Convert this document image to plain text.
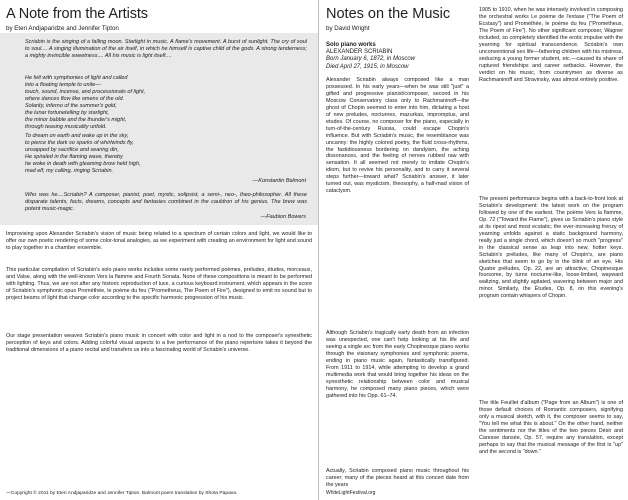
A Note from the Artists
by Eteri Andjaparidze and Jennifer Tipton
Scriabin is the singing of a falling moon. Starlight in music. A flame's movement. A burst of sunlight. The cry of soul to soul.... A singing illumination of the air itself, in which he himself is captive child of the gods. A strong tenderness; a mighty invincible sweetness.... All his music is light itself....
He felt with symphonies of light and called
into a floating temple to unite—
touch, sound, incense, and processionals of light,
where dances flow like omens of the old.
Solarity, inferno of the summer's gold,
the lunar fortunetelling by starlight,
the minor babble and the thunder's might,
through teasing musicality unfold.
To dream on earth and wake up in the sky,
to pierce the dark so sparks of whirlwinds fly,
unsapped by sacrifice and searing din,
He spiraled in the flaming wave, thereby
he woke in death with gleaming brow held high,
mad elf, my calling, ringing Scriabin.
—Konstantin Balmont
Who was he....Scriabin? A composer, pianist, poet, mystic, solipsist, a semi-, neo-, theo-philosopher. All these disparate talents, facts, dreams, concepts and fantasies combined in the cauldron of his genius. The brew was potent music-magic.
—Faubion Bowers
Improvising upon Alexander Scriabin's vision of music being related to a spectrum of certain colors and light, we would like to offer our own poetic rendering of some color-tonal analogies, as we experiment with creating an environment for light and sound to play together in a chamber ensemble.
This particular compilation of Scriabin's solo piano works includes some rarely performed poèmes, préludes, études, morceaux, and Valse, along with the well-known Vers la flamme and Fourth Sonata. None of these compositions is meant to be performed with lighting. Thus, we are not after any historic reproduction of luce, a curious keyboard instrument, which appears in the score of Scriabin's symphonic opus Prométhée, le poème du feu ("Prometheus, The Poem of Fire"), designed to emit no sound but to project beams of light that change color according to the specific harmonic progression of his music.
Our stage presentation weaves Scriabin's piano music in concert with color and light in a nod to the composer's synesthetic perception of keys and colors. Adding colorful visual aspects to a live performance of the piano repertoire takes it beyond the traditional dimensions of a piano recital and transfers us into a fascinating world of Scriabin's universe.
—Copyright © 2011 by Eteri Andjaparidze and Jennifer Tipton. Balmont poem translation by Shota Papava.
Notes on the Music
by David Wright
Solo piano works
ALEXANDER SCRIABIN
Born January 6, 1872, in Moscow
Died April 27, 1915, in Moscow
Alexander Scriabin always composed like a man possessed. In his early years—when he was still "just" a gifted and progressive pianist/composer, second in his Moscow Conservatory class only to Rachmaninoff—the ghost of Chopin seemed to enter into him, dictating a host of new preludes, nocturnes, mazurkas, impromptus, and etudes. Of course, no composer for the piano, especially in turn-of-the-century Russia, could escape Chopin's influence. But with Scriabin's music, the resemblance was uncanny: the highly colored poetry, the fluid cross-rhythms, the fastidiousness bordering on dandyism, the aching dissonances, and the feeling of nerves rubbed raw with sensation. It all seemed not merely to imitate Chopin's idiom, but to revive his personality, and to carry it several steps further—toward what? Scriabin's answer, it later turned out, was mysticism, theosophy, a half-mad vision of cataclysm.
Although Scriabin's tragically early death from an infection was unexpected, one can't help looking at his life and seeing a single arc from the early Chopinesque piano works through the visionary symphonies and symphonic poems, ending in piano music again, fantastically transfigured. From 1911 to 1914, while attempting to develop a grand multimedia work that would bring together his ideas on the synesthetic relationship between color and musical harmony, he composed many piano pieces, which were gathered into his Opp. 61–74.
Actually, Scriabin composed piano music throughout his career; many of the pieces heard at this concert date from the years
1905 to 1910, when he was intensely involved in composing the orchestral works Le poème de l'extase ("The Poem of Ecstasy") and Prométhée, le poème du feu ("Prometheus, The Poem of Fire"). No other significant composer, Wagner included, so completely identified the erotic impulse with the yearning for spiritual transcendence. Scriabin's own unconventional sex life—fathering children with his mistress, seducing a young former student, etc.—caused its share of ruptured friendships and career setbacks. However, the verdict on his music, from countrymen as diverse as Rachmaninoff and Stravinsky, was almost entirely positive.
The present performance begins with a back-to-front look at Scriabin's development: the latest work on the program followed by one of the earliest. The poème Vers la flamme, Op. 72 ("Toward the Flame"), gives us Scriabin's piano style at its ripest and most ecstatic; the ever-increasing frenzy of yearning unfolds against a static background harmony, really just a single chord, which doesn't so much "progress" in the classical sense as leap into new, hotter keys. Scriabin's préludes, like many of Chopin's, are piano sketches that seem to go by in the blink of an eye. His Quatre préludes, Op. 22, are an attractive, Chopinesque foursome, by turns nocturne-like, loose-limbed, wayward waltzing, and slightly agitated, wavering between major and minor. Similarly, the Études, Op. 8, on this evening's program contain whispers of Chopin.
The title Feuillet d'album ("Page from an Album") is one of those default choices of Romantic composers, signifying only a musical sketch, with it, the composer seems to say, "You tell me what this is about." On the other hand, neither the sentiments nor the titles of the two pieces Désir and Caresse dansée, Op. 57, require any translation, except perhaps to say that the musical message of the first is "up" and the second is "down."
WhiteLightFestival.org
